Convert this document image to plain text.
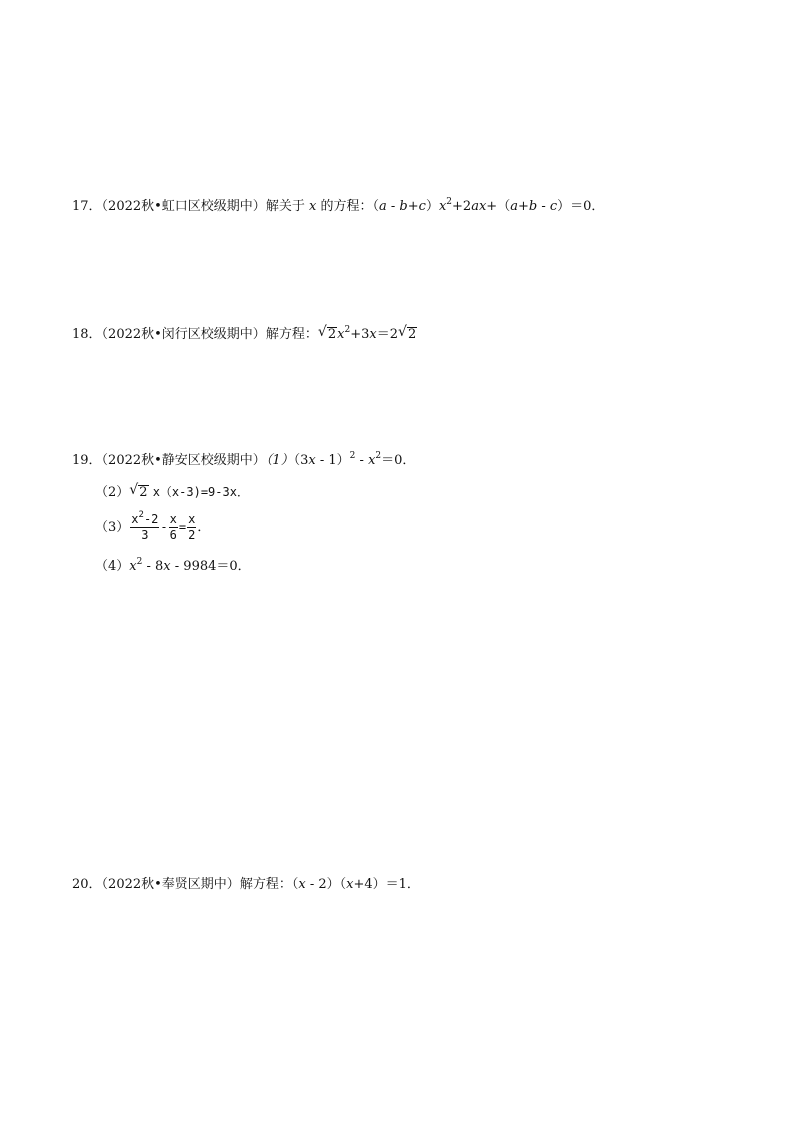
17．（2022秋•虹口区校级期中）解关于 x 的方程：$(a - b+c)x^2+2ax+(a+b - c)=0$．
18．（2022秋•闵行区校级期中）解方程： √ $2x^2+3x=2$ √ 2
19．（2022秋•静安区校级期中）$(1)(3x - 1)^2 - x^2=0$．
（2） √ 2 x（x-3)=9-3x．
$(3) \frac{x^2-2}{3} - \frac{x}{6} = \frac{x}{2}$ ．
$(4)x^2 - 8x - 9984=0$．
20．（2022秋•奉贤区期中）解方程：（x - 2）（x+4）＝1．
